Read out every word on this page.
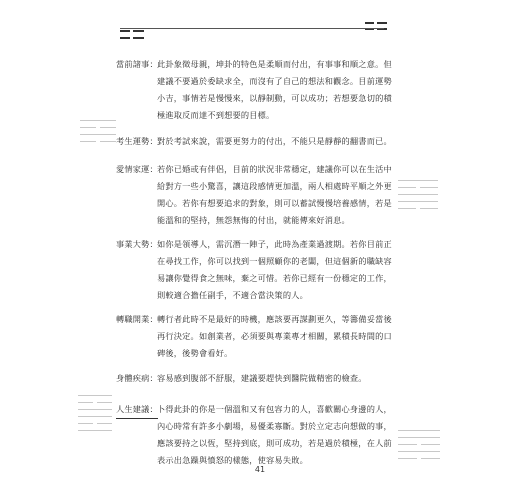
當前諸事： 此卦象徵母親，坤卦的特色是柔順而付出，有事事和順之意。但
建議不要過於委缺求全，而沒有了自己的想法和觀念。目前運勢
小吉，事情若是慢慢來，以靜制動，可以成功；若想要急切的積
極進取反而達不到想要的目標。
考生運勢： 對於考試來說，需要更努力的付出，不能只是靜靜的翻書而已。
愛情家運： 若你已婚或有伴侶，目前的狀況非常穩定，建議你可以在生活中
給對方一些小驚喜，讓這段感情更加溫，兩人相處時平順之外更
開心。若你有想要追求的對象，則可以蓄試慢慢培養感情，若是
能溫和的堅持，無怨無悔的付出，就能傳來好消息。
事業大勢： 如你是領導人，需沉潛一陣子，此時為產業過渡期。若你目前正
在尋找工作，你可以找到一個照顧你的老闆，但這個新的職缺容
易讓你覺得食之無味，棄之可惜。若你已經有一份穩定的工作，
則較適合擔任副手，不適合當決策的人。
轉職開業： 轉行者此時不是最好的時機，應該要再謀劃更久，等籌備妥當後
再行決定。如創業者，必須要與專業專才相關，累積長時間的口
碑後，後勢會看好。
身體疾病： 容易感到腹部不舒服，建議要趕快到醫院做精密的檢查。
人生建議： 卜得此卦的你是一個溫和又有包容力的人，喜歡關心身邊的人，
內心時常有許多小劇場，易優柔寡斷。對於立定志向想做的事，
應該要持之以恆，堅持到底，則可成功，若是過於積極，在人前
表示出急躁與憤怒的樣態，使容易失敗。
41
